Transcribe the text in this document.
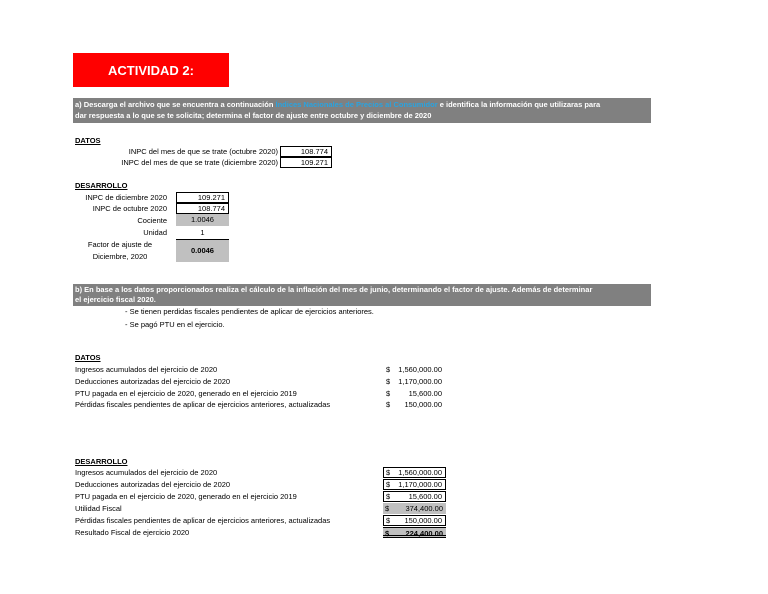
ACTIVIDAD 2:
a) Descarga el archivo que se encuentra a continuación Índices Nacionales de Precios al Consumidor e identifica la información que utilizaras para
dar respuesta a lo que se te solicita; determina el factor de ajuste entre octubre y diciembre de 2020
DATOS
INPC del mes de que se trate (octubre 2020)	108.774
INPC del mes de que se trate (diciembre 2020)	109.271
DESARROLLO
INPC de diciembre 2020	109.271
INPC de octubre 2020	108.774
Cociente	1.0046
Unidad	1
Factor de ajuste de
Diciembre, 2020
0.0046
b) En base a los datos proporcionados realiza el cálculo de la inflación del mes de junio, determinando el factor de ajuste. Además de determinar
el ejercicio fiscal 2020.
- Se tienen perdidas fiscales pendientes de aplicar de ejercicios anteriores.
- Se pagó PTU en el ejercicio.
DATOS
Ingresos acumulados del ejercicio de 2020	$ 1,560,000.00
Deducciones autorizadas del ejercicio de 2020	$ 1,170,000.00
PTU pagada en el ejercicio de 2020, generado en el ejercicio 2019	$ 15,600.00
Pérdidas fiscales pendientes de aplicar de ejercicios anteriores, actualizadas	$ 150,000.00
DESARROLLO
Ingresos acumulados del ejercicio de 2020	$ 1,560,000.00
Deducciones autorizadas del ejercicio de 2020	$ 1,170,000.00
PTU pagada en el ejercicio de 2020, generado en el ejercicio 2019	$ 15,600.00
Utilidad Fiscal	$ 374,400.00
Pérdidas fiscales pendientes de aplicar de ejercicios anteriores, actualizadas	$ 150,000.00
Resultado Fiscal de ejercicio 2020	$ 224,400.00
